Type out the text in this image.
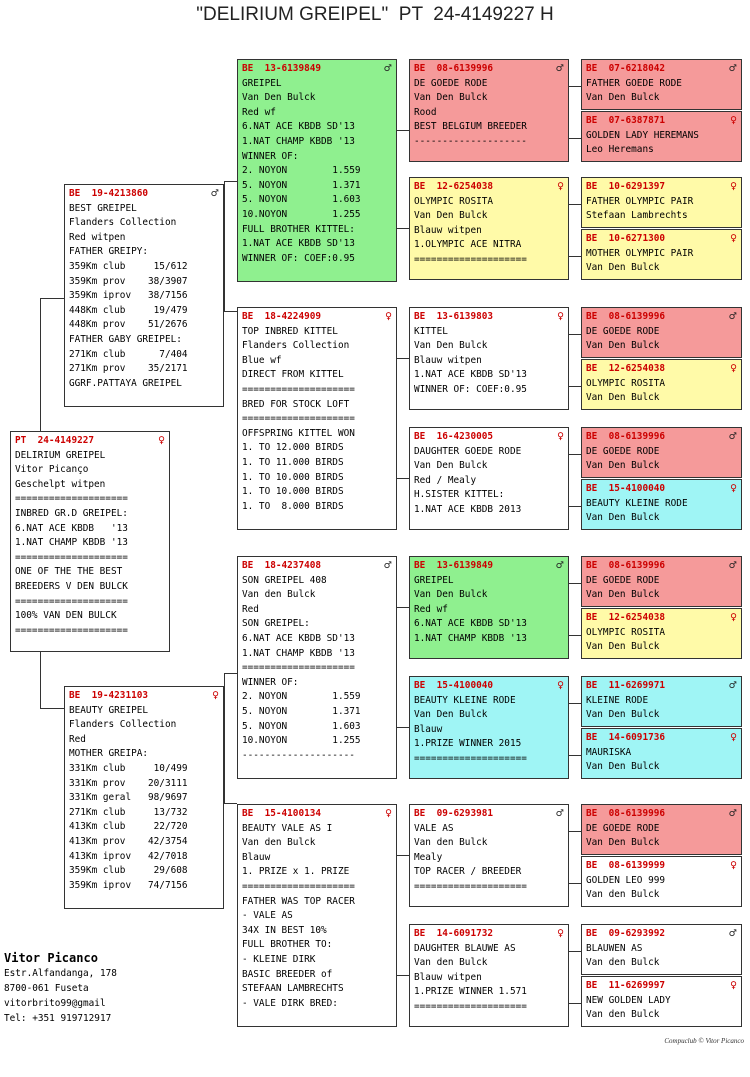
"DELIRIUM GREIPEL"  PT  24-4149227 H
PT  24-4149227	♀
DELIRIUM GREIPEL
Vitor Picanço
Geschelpt witpen
====================
INBRED GR.D GREIPEL:
6.NAT ACE KBDB   '13
1.NAT CHAMP KBDB '13
====================
ONE OF THE THE BEST
BREEDERS V DEN BULCK
====================
100% VAN DEN BULCK
====================
BE  19-4213860	♂
BEST GREIPEL
Flanders Collection
Red witpen
FATHER GREIPY:
359Km club     15/612
359Km prov    38/3907
359Km iprov   38/7156
448Km club     19/479
448Km prov    51/2676
FATHER GABY GREIPEL:
271Km club      7/404
271Km prov    35/2171
GGRF.PATTAYA GREIPEL
BE  19-4231103	♀
BEAUTY GREIPEL
Flanders Collection
Red
MOTHER GREIPA:
331Km club     10/499
331Km prov    20/3111
331Km geral   98/9697
271Km club     13/732
413Km club     22/720
413Km prov    42/3754
413Km iprov   42/7018
359Km club     29/608
359Km iprov   74/7156
BE  13-6139849	♂
GREIPEL
Van Den Bulck
Red wf
6.NAT ACE KBDB SD'13
1.NAT CHAMP KBDB '13
WINNER OF:
2. NOYON        1.559
5. NOYON        1.371
5. NOYON        1.603
10.NOYON        1.255
FULL BROTHER KITTEL:
1.NAT ACE KBDB SD'13
WINNER OF: COEF:0.95
BE  18-4224909	♀
TOP INBRED KITTEL
Flanders Collection
Blue wf
DIRECT FROM KITTEL
====================
BRED FOR STOCK LOFT
====================
OFFSPRING KITTEL WON
1. TO 12.000 BIRDS
1. TO 11.000 BIRDS
1. TO 10.000 BIRDS
1. TO 10.000 BIRDS
1. TO  8.000 BIRDS
BE  18-4237408	♂
SON GREIPEL 408
Van den Bulck
Red
SON GREIPEL:
6.NAT ACE KBDB SD'13
1.NAT CHAMP KBDB '13
====================
WINNER OF:
2. NOYON        1.559
5. NOYON        1.371
5. NOYON        1.603
10.NOYON        1.255
--------------------
BE  15-4100134	♀
BEAUTY VALE AS I
Van den Bulck
Blauw
1. PRIZE x 1. PRIZE
====================
FATHER WAS TOP RACER
- VALE AS
34X IN BEST 10%
FULL BROTHER TO:
- KLEINE DIRK
BASIC BREEDER of
STEFAAN LAMBRECHTS
- VALE DIRK BRED:
BE  08-6139996	♂
DE GOEDE RODE
Van Den Bulck
Rood
BEST BELGIUM BREEDER
--------------------
BE  12-6254038	♀
OLYMPIC ROSITA
Van Den Bulck
Blauw witpen
1.OLYMPIC ACE NITRA
====================
BE  13-6139803	♀
KITTEL
Van Den Bulck
Blauw witpen
1.NAT ACE KBDB SD'13
WINNER OF: COEF:0.95
BE  16-4230005	♀
DAUGHTER GOEDE RODE
Van Den Bulck
Red / Mealy
H.SISTER KITTEL:
1.NAT ACE KBDB 2013
BE  13-6139849	♂
GREIPEL
Van Den Bulck
Red wf
6.NAT ACE KBDB SD'13
1.NAT CHAMP KBDB '13
BE  15-4100040	♀
BEAUTY KLEINE RODE
Van Den Bulck
Blauw
1.PRIZE WINNER 2015
====================
BE  09-6293981	♂
VALE AS
Van den Bulck
Mealy
TOP RACER / BREEDER
====================
BE  14-6091732	♀
DAUGHTER BLAUWE AS
Van den Bulck
Blauw witpen
1.PRIZE WINNER 1.571
====================
BE  07-6218042	♂
FATHER GOEDE RODE
Van Den Bulck
BE  07-6387871	♀
GOLDEN LADY HEREMANS
Leo Heremans
BE  10-6291397	♀
FATHER OLYMPIC PAIR
Stefaan Lambrechts
BE  10-6271300	♀
MOTHER OLYMPIC PAIR
Van Den Bulck
BE  08-6139996	♂
DE GOEDE RODE
Van Den Bulck
BE  12-6254038	♀
OLYMPIC ROSITA
Van Den Bulck
BE  08-6139996	♂
DE GOEDE RODE
Van Den Bulck
BE  15-4100040	♀
BEAUTY KLEINE RODE
Van Den Bulck
BE  08-6139996	♂
DE GOEDE RODE
Van Den Bulck
BE  12-6254038	♀
OLYMPIC ROSITA
Van Den Bulck
BE  11-6269971	♂
KLEINE RODE
Van Den Bulck
BE  14-6091736	♀
MAURISKA
Van Den Bulck
BE  08-6139996	♂
DE GOEDE RODE
Van Den Bulck
BE  08-6139999	♀
GOLDEN LEO 999
Van den Bulck
BE  09-6293992	♂
BLAUWEN AS
Van den Bulck
BE  11-6269997	♀
NEW GOLDEN LADY
Van den Bulck
Vitor Picanco
Estr.Alfandanga, 178
8700-061 Fuseta
vitorbrito99@gmail
Tel: +351 919712917
Compuclub © Vitor Picanco
